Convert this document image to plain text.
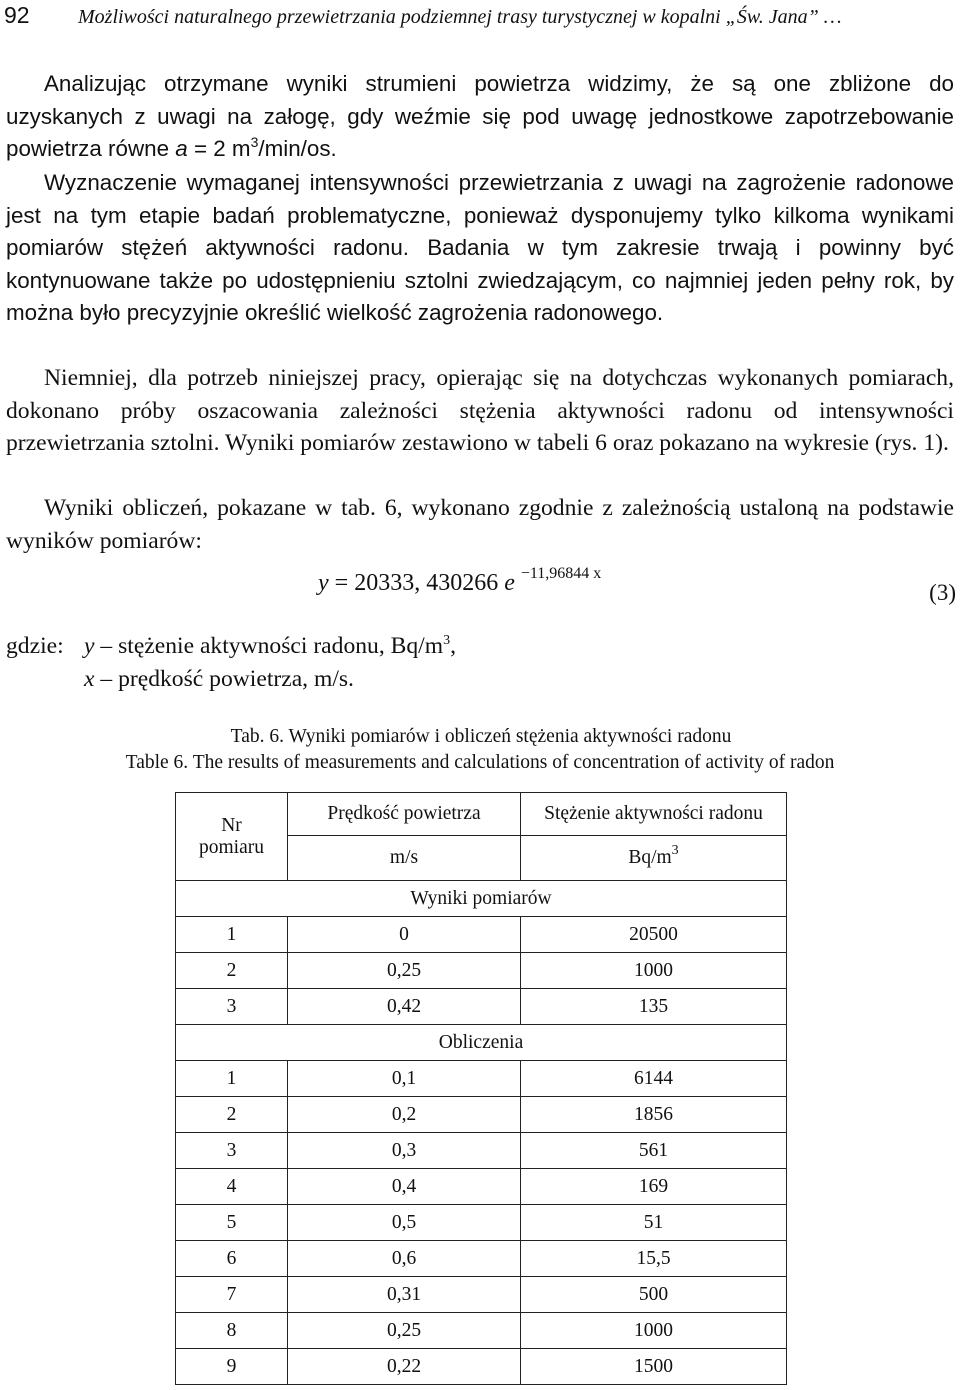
92 Możliwości naturalnego przewietrzania podziemnej trasy turystycznej w kopalni „Św. Jana” …

Analizując otrzymane wyniki strumieni powietrza widzimy, że są one zbliżone do uzyskanych z uwagi na załogę, gdy weźmie się pod uwagę jednostkowe zapotrzebowanie powietrza równe a = 2 $m^3/\min/os$.

Wyznaczenie wymaganej intensywności przewietrzania z uwagi na zagrożenie radonowe jest na tym etapie badań problematyczne, ponieważ dysponujemy tylko kilkoma wynikami pomiarów stężeń aktywności radonu. Badania w tym zakresie trwają i powinny być kontynuowane także po udostępnieniu sztolni zwiedzającym, co najmniej jeden pełny rok, by można było precyzyjnie określić wielkość zagrożenia radonowego.

Niemniej, dla potrzeb niniejszej pracy, opierając się na dotychczas wykonanych pomiarach, dokonano próby oszacowania zależności stężenia aktywności radonu od intensywności przewietrzania sztolni. Wyniki pomiarów zestawiono w tabeli 6 oraz pokazano na wykresie (rys. 1).

Wyniki obliczeń, pokazane w tab. 6, wykonano zgodnie z zależnością ustaloną na podstawie wyników pomiarów:

y = 20333, 430266 e $^{-11,96844 x}$
(3)
gdzie: y – stężenie aktywności radonu, $Bq/m^3$,
x – prędkość powietrza, m/s.
Tab. 6. Wyniki pomiarów i obliczeń stężenia aktywności radonu
Table 6. The results of measurements and calculations of concentration of activity of radon
Nr
pomiaru	Prędkość powietrza	Stężenie aktywności radonu
	m/s	$Bq/m^3$
Wyniki pomiarów		
1	0	20500
2	0,25	1000
3	0,42	135
Obliczenia		
1	0,1	6144
2	0,2	1856
3	0,3	561
4	0,4	169
5	0,5	51
6	0,6	15,5
7	0,31	500
8	0,25	1000
9	0,22	1500
